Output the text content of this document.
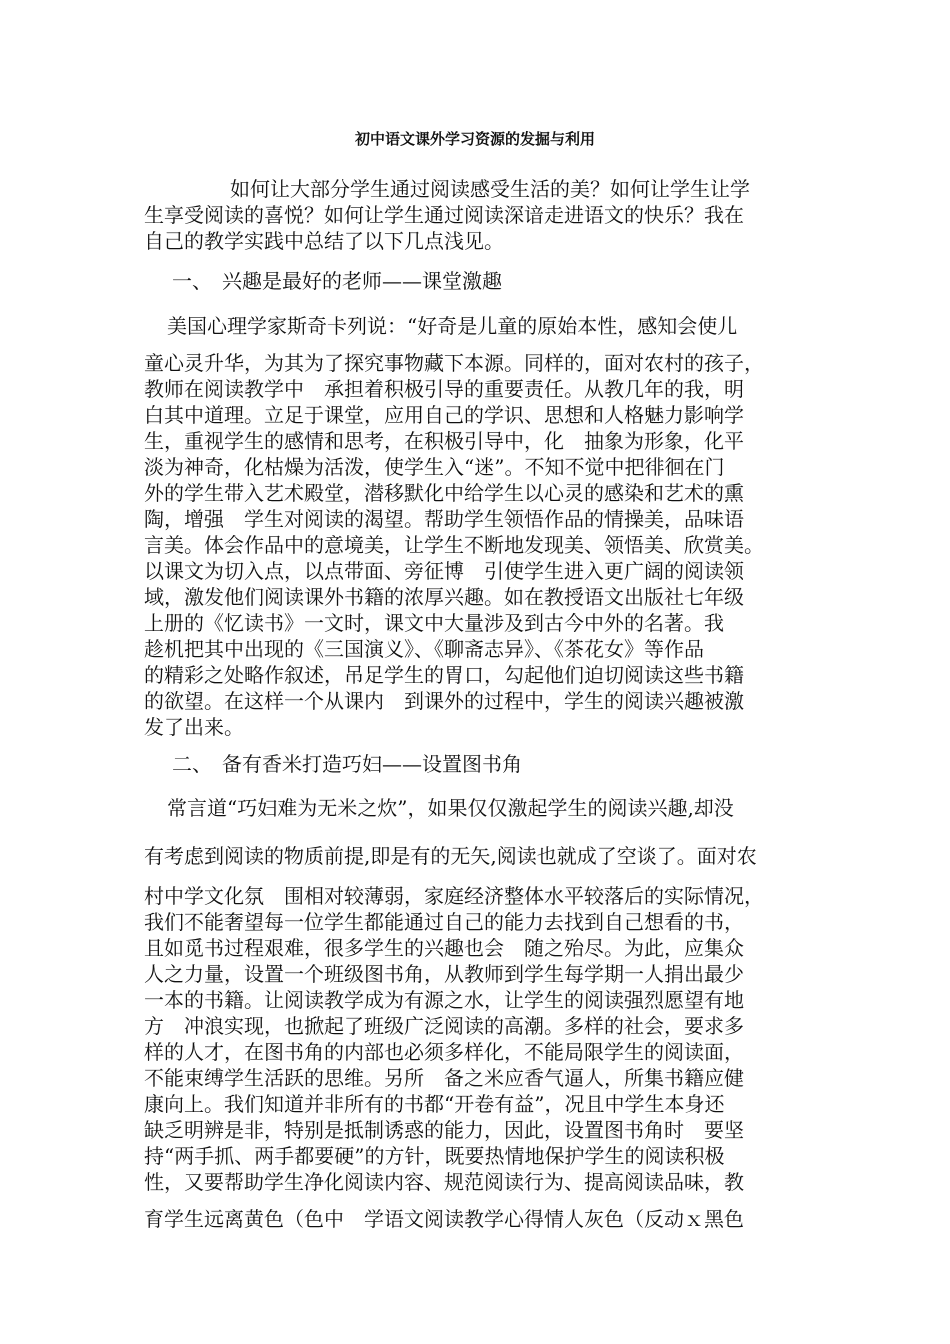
初中语文课外学习资源的发掘与利用
如何让大部分学生通过阅读感受生活的美？如何让学生让学
生享受阅读的喜悦？如何让学生通过阅读深谙走进语文的快乐？我在
自己的教学实践中总结了以下几点浅见。
一、　兴趣是最好的老师——课堂激趣
美国心理学家斯奇卡列说：“好奇是儿童的原始本性，感知会使儿
童心灵升华，为其为了探究事物藏下本源。同样的，面对农村的孩子，
教师在阅读教学中　承担着积极引导的重要责任。从教几年的我，明
白其中道理。立足于课堂，应用自己的学识、思想和人格魅力影响学
生，重视学生的感情和思考，在积极引导中，化　抽象为形象，化平
淡为神奇，化枯燥为活泼，使学生入“迷”。不知不觉中把徘徊在门
外的学生带入艺术殿堂，潜移默化中给学生以心灵的感染和艺术的熏
陶，增强　学生对阅读的渴望。帮助学生领悟作品的情操美，品味语
言美。体会作品中的意境美，让学生不断地发现美、领悟美、欣赏美。
以课文为切入点，以点带面、旁征博　引使学生进入更广阔的阅读领
域，激发他们阅读课外书籍的浓厚兴趣。如在教授语文出版社七年级
上册的《忆读书》一文时，课文中大量涉及到古今中外的名著。我
趁机把其中出现的《三国演义》、《聊斋志异》、《茶花女》等作品
的精彩之处略作叙述，吊足学生的胃口，勾起他们迫切阅读这些书籍
的欲望。在这样一个从课内　到课外的过程中，学生的阅读兴趣被激
发了出来。
二、　备有香米打造巧妇——设置图书角
常言道“巧妇难为无米之炊”，如果仅仅激起学生的阅读兴趣,却没
有考虑到阅读的物质前提,即是有的无矢,阅读也就成了空谈了。面对农
村中学文化氛　围相对较薄弱，家庭经济整体水平较落后的实际情况，
我们不能奢望每一位学生都能通过自己的能力去找到自己想看的书，
且如觅书过程艰难，很多学生的兴趣也会　随之殆尽。为此，应集众
人之力量，设置一个班级图书角，从教师到学生每学期一人捐出最少
一本的书籍。让阅读教学成为有源之水，让学生的阅读强烈愿望有地
方　冲浪实现，也掀起了班级广泛阅读的高潮。多样的社会，要求多
样的人才，在图书角的内部也必须多样化，不能局限学生的阅读面，
不能束缚学生活跃的思维。另所　备之米应香气逼人，所集书籍应健
康向上。我们知道并非所有的书都“开卷有益”，况且中学生本身还
缺乏明辨是非，特别是抵制诱惑的能力，因此，设置图书角时　要坚
持“两手抓、两手都要硬”的方针，既要热情地保护学生的阅读积极
性，又要帮助学生净化阅读内容、规范阅读行为、提高阅读品味，教
育学生远离黄色（色中　学语文阅读教学心得情人灰色（反动ｘ黑色
